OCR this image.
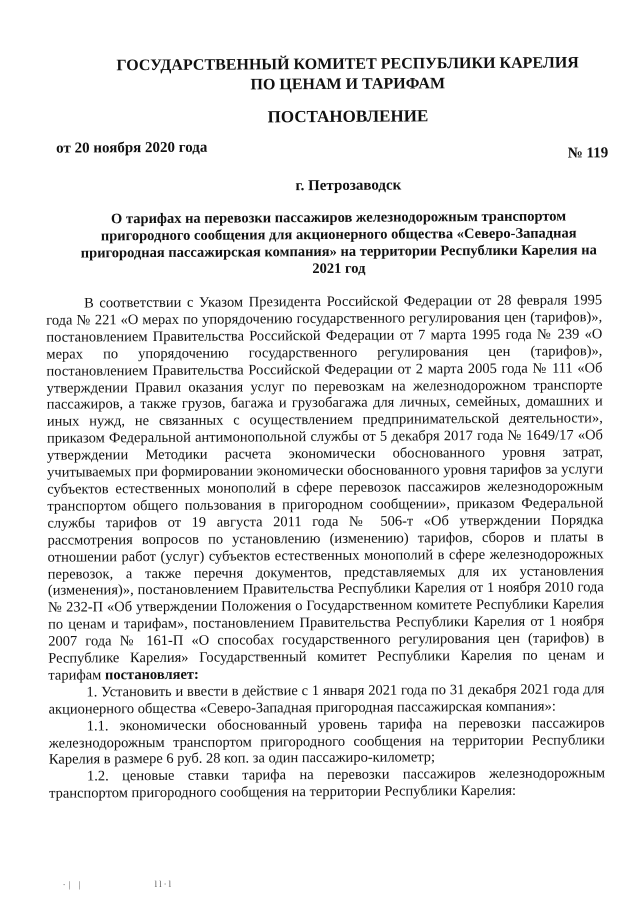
ГОСУДАРСТВЕННЫЙ КОМИТЕТ РЕСПУБЛИКИ КАРЕЛИЯ
ПО ЦЕНАМ И ТАРИФАМ
ПОСТАНОВЛЕНИЕ
от 20 ноября 2020 года	№ 119
г. Петрозаводск
О тарифах на перевозки пассажиров железнодорожным транспортом пригородного сообщения для акционерного общества «Северо-Западная пригородная пассажирская компания» на территории Республики Карелия на 2021 год

В соответствии с Указом Президента Российской Федерации от 28 февраля 1995 года № 221 «О мерах по упорядочению государственного регулирования цен (тарифов)», постановлением Правительства Российской Федерации от 7 марта 1995 года № 239 «О мерах по упорядочению государственного регулирования цен (тарифов)», постановлением Правительства Российской Федерации от 2 марта 2005 года № 111 «Об утверждении Правил оказания услуг по перевозкам на железнодорожном транспорте пассажиров, а также грузов, багажа и грузобагажа для личных, семейных, домашних и иных нужд, не связанных с осуществлением предпринимательской деятельности», приказом Федеральной антимонопольной службы от 5 декабря 2017 года № 1649/17 «Об утверждении Методики расчета экономически обоснованного уровня затрат, учитываемых при формировании экономически обоснованного уровня тарифов за услуги субъектов естественных монополий в сфере перевозок пассажиров железнодорожным транспортом общего пользования в пригородном сообщении», приказом Федеральной службы тарифов от 19 августа 2011 года № 506-т «Об утверждении Порядка рассмотрения вопросов по установлению (изменению) тарифов, сборов и платы в отношении работ (услуг) субъектов естественных монополий в сфере железнодорожных перевозок, а также перечня документов, представляемых для их установления (изменения)», постановлением Правительства Республики Карелия от 1 ноября 2010 года № 232-П «Об утверждении Положения о Государственном комитете Республики Карелия по ценам и тарифам», постановлением Правительства Республики Карелия от 1 ноября 2007 года № 161-П «О способах государственного регулирования цен (тарифов) в Республике Карелия» Государственный комитет Республики Карелия по ценам и тарифам постановляет:

1. Установить и ввести в действие с 1 января 2021 года по 31 декабря 2021 года для акционерного общества «Северо-Западная пригородная пассажирская компания»:

1.1. экономически обоснованный уровень тарифа на перевозки пассажиров железнодорожным транспортом пригородного сообщения на территории Республики Карелия в размере 6 руб. 28 коп. за один пассажиро-километр;

1.2. ценовые ставки тарифа на перевозки пассажиров железнодорожным транспортом пригородного сообщения на территории Республики Карелия:

·| |	ll·l
